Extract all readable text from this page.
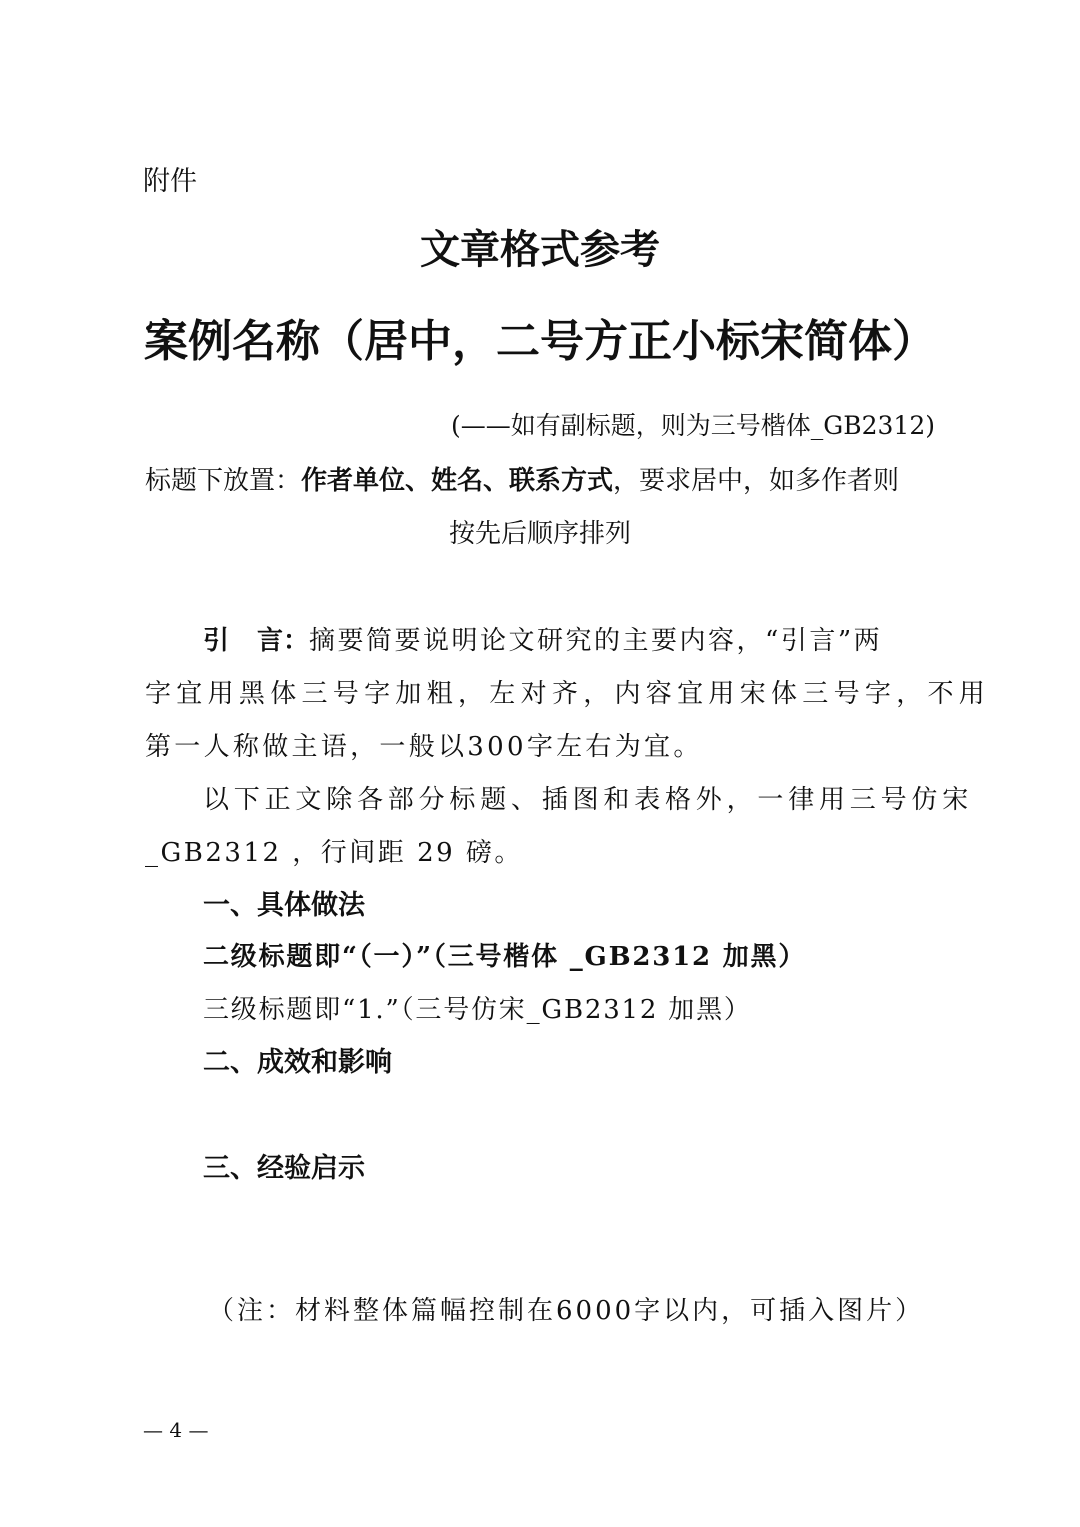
附件
文章格式参考
案例名称（居中，二号方正小标宋简体）
(——如有副标题，则为三号楷体_GB2312)
标题下放置：作者单位、姓名、联系方式，要求居中，如多作者则
按先后顺序排列
引 言：摘要简要说明论文研究的主要内容，“引言”两
字宜用黑体三号字加粗，左对齐，内容宜用宋体三号字，不用
第一人称做主语，一般以300字左右为宜。
以下正文除各部分标题、插图和表格外，一律用三号仿宋
_GB2312 ，行间距 29 磅。
一、具体做法
二级标题即“（一）”（三号楷体 _GB2312 加黑）
三级标题即“1.”（三号仿宋_GB2312 加黑）
二、成效和影响
三、经验启示
（注：材料整体篇幅控制在6000字以内，可插入图片）
— 4 —
